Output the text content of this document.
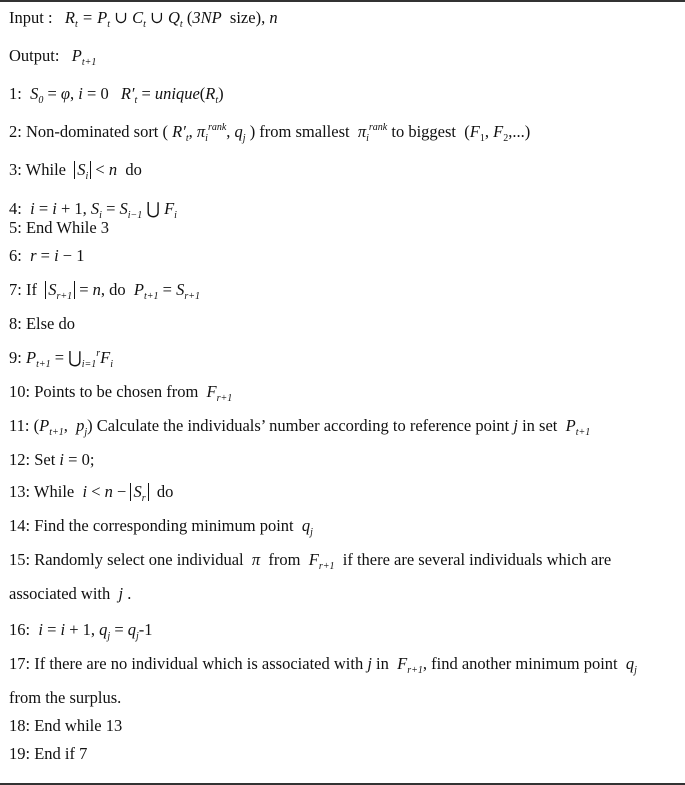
Input : $R_t = P_t$ ∪ $C_t$ ∪ $Q_t$ (3NP size), n
Output: $P_{t+1}$
1: $S_0 = \varphi$, i = 0 $R'_t$ = $unique(R_t)$
2: Non-dominated sort ( $R'_t$, $\pi_i^{rank}$, $q_j$ ) from smallest $\pi_i^{rank}$ to biggest  ($F_1$, $F_2$,...)
3: While $S_i < n$ do
4: i = i + 1, $S_i = S_{i-1}$ ⋃ $F_i$
5: End While 3
6: r = i − 1
7: If $S_{r+1} = n$, do $P_{t+1} = S_{r+1}$
8: Else do
9: $P_{t+1}$ = $⋃_{i=1}^rF_i$
10: Points to be chosen from $F_{r+1}$
11: ($P_{t+1}$,  $p_j$) Calculate the individuals’ number according to reference point j in set $P_{t+1}$
12: Set i = 0;
13: While $i < n - S_r$ do
14: Find the corresponding minimum point $q_j$
15: Randomly select one individual π from $F_{r+1}$ if there are several individuals which are
associated with j .
16: i = i + 1, $q_j = q_j-1$
17: If there are no individual which is associated with j in $F_{r+1}$, find another minimum point $q_j$
from the surplus.
18: End while 13
19: End if 7
